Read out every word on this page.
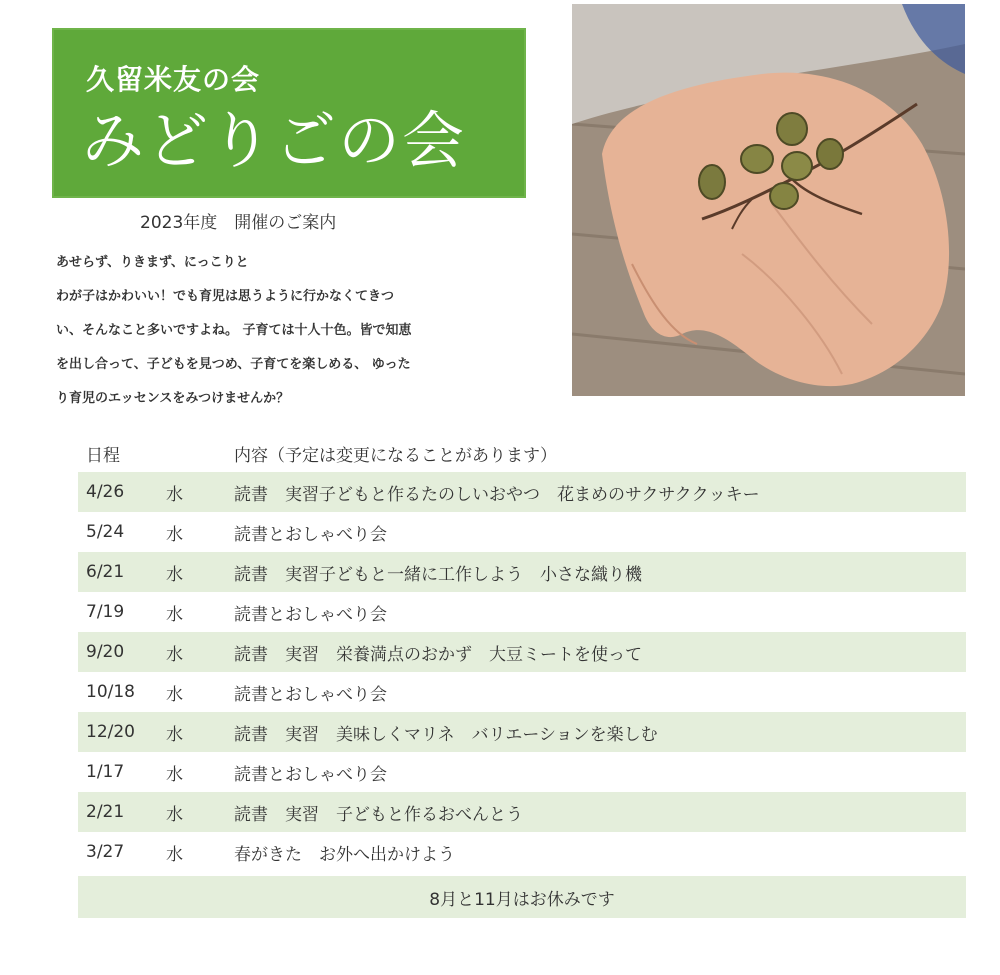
久留米友の会
みどりごの会
2023年度　開催のご案内
あせらず、りきまず、にっこりと
わが子はかわいい！でも育児は思うように行かなくてきつ
い、そんなこと多いですよね。 子育ては十人十色。皆で知恵
を出し合って、子どもを見つめ、子育てを楽しめる、 ゆった
り育児のエッセンスをみつけませんか？
日程		内容（予定は変更になることがあります）
4/26	水	読書　実習子どもと作るたのしいおやつ　花まめのサクサククッキー
5/24	水	読書とおしゃべり会
6/21	水	読書　実習子どもと一緒に工作しよう　小さな織り機
7/19	水	読書とおしゃべり会
9/20	水	読書　実習　栄養満点のおかず　大豆ミートを使って
10/18	水	読書とおしゃべり会
12/20	水	読書　実習　美味しくマリネ　バリエーションを楽しむ
1/17	水	読書とおしゃべり会
2/21	水	読書　実習　子どもと作るおべんとう
3/27	水	春がきた　お外へ出かけよう

8月と11月はお休みです		
